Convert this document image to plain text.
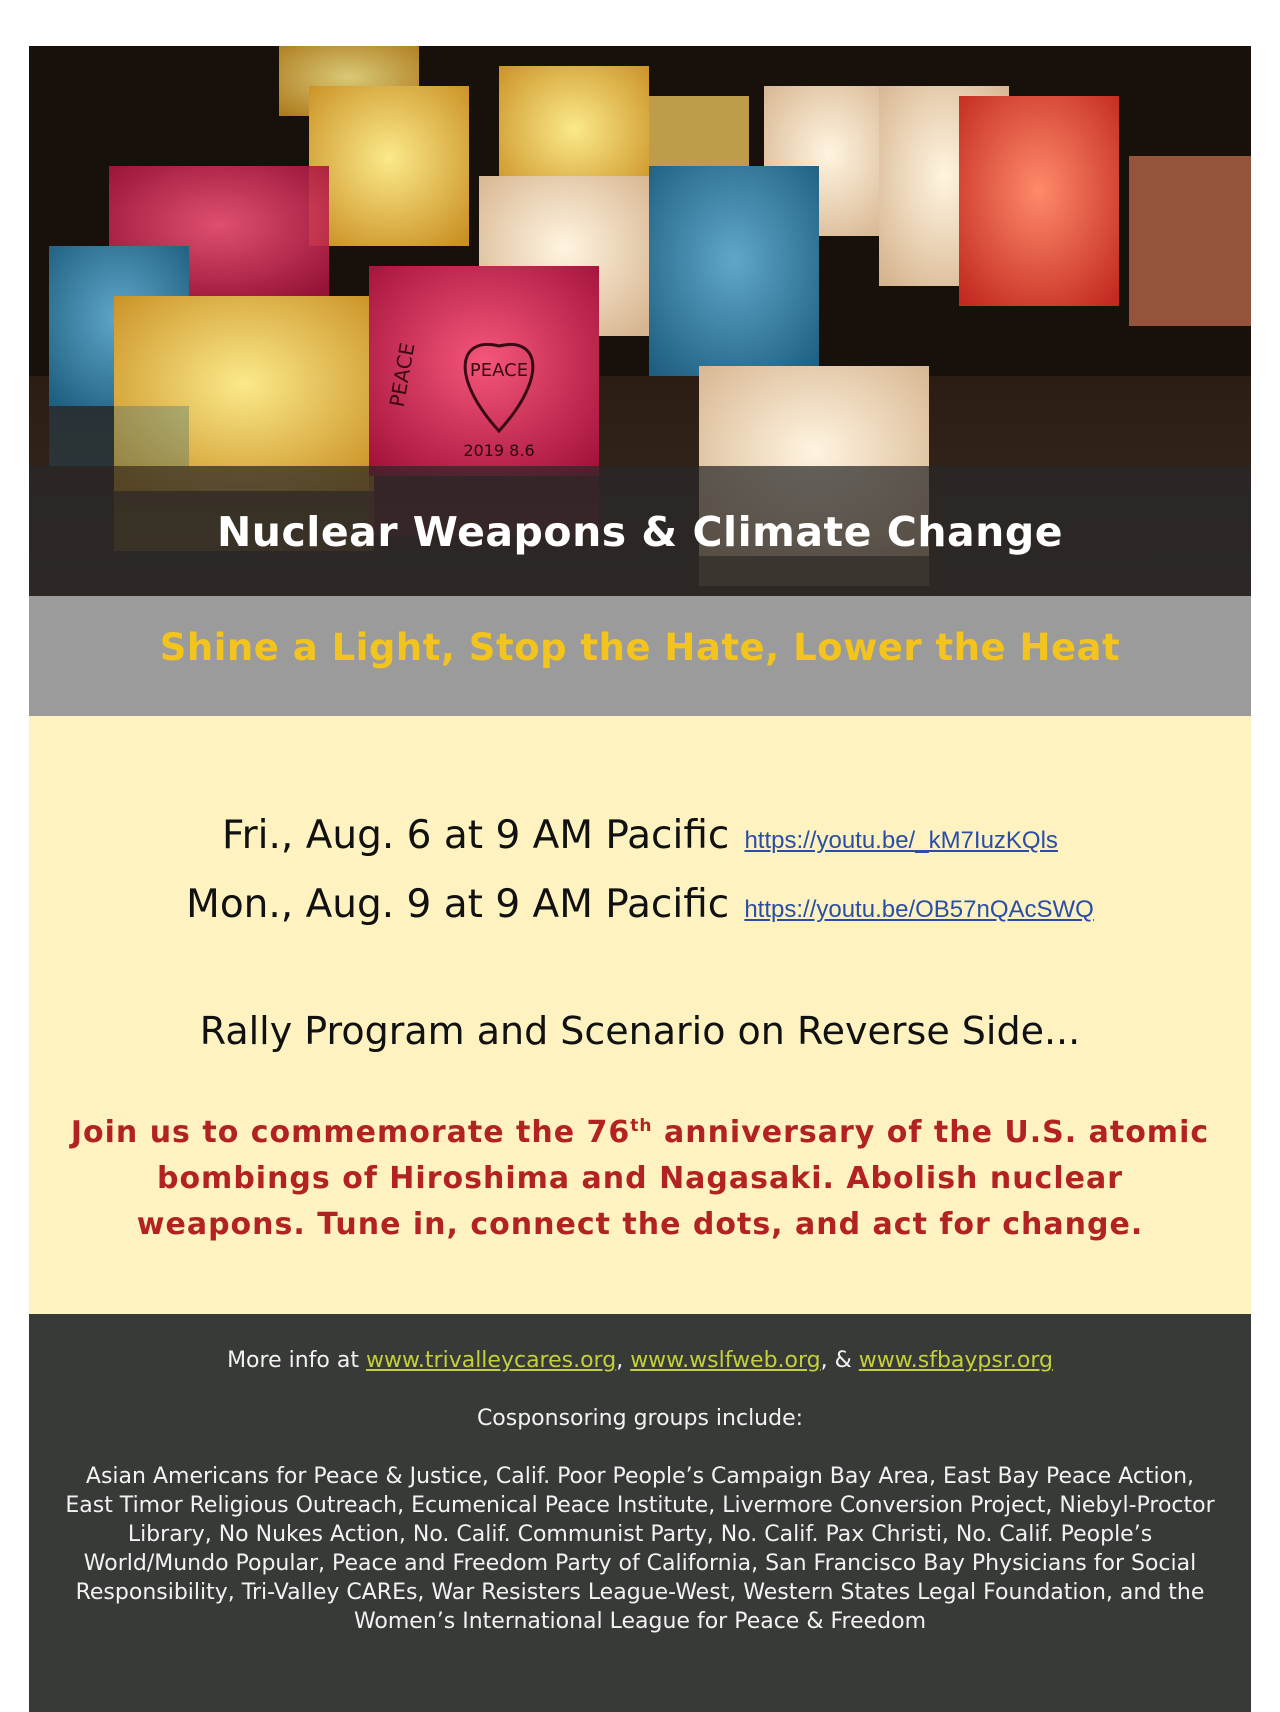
PEACE
PEACE
2019 8.6
Nuclear Weapons & Climate Change
Shine a Light, Stop the Hate, Lower the Heat
Fri., Aug. 6 at 9 AM Pacific https://youtu.be/_kM7IuzKQls
Mon., Aug. 9 at 9 AM Pacific https://youtu.be/OB57nQAcSWQ
Rally Program and Scenario on Reverse Side...
Join us to commemorate the 76th anniversary of the U.S. atomic bombings of Hiroshima and Nagasaki. Abolish nuclear weapons. Tune in, connect the dots, and act for change.
More info at www.trivalleycares.org, www.wslfweb.org, & www.sfbaypsr.org
Cosponsoring groups include:
Asian Americans for Peace & Justice, Calif. Poor People’s Campaign Bay Area, East Bay Peace Action, East Timor Religious Outreach, Ecumenical Peace Institute, Livermore Conversion Project, Niebyl-Proctor Library, No Nukes Action, No. Calif. Communist Party, No. Calif. Pax Christi, No. Calif. People’s World/Mundo Popular, Peace and Freedom Party of California, San Francisco Bay Physicians for Social Responsibility, Tri-Valley CAREs, War Resisters League-West, Western States Legal Foundation, and the Women’s International League for Peace & Freedom
